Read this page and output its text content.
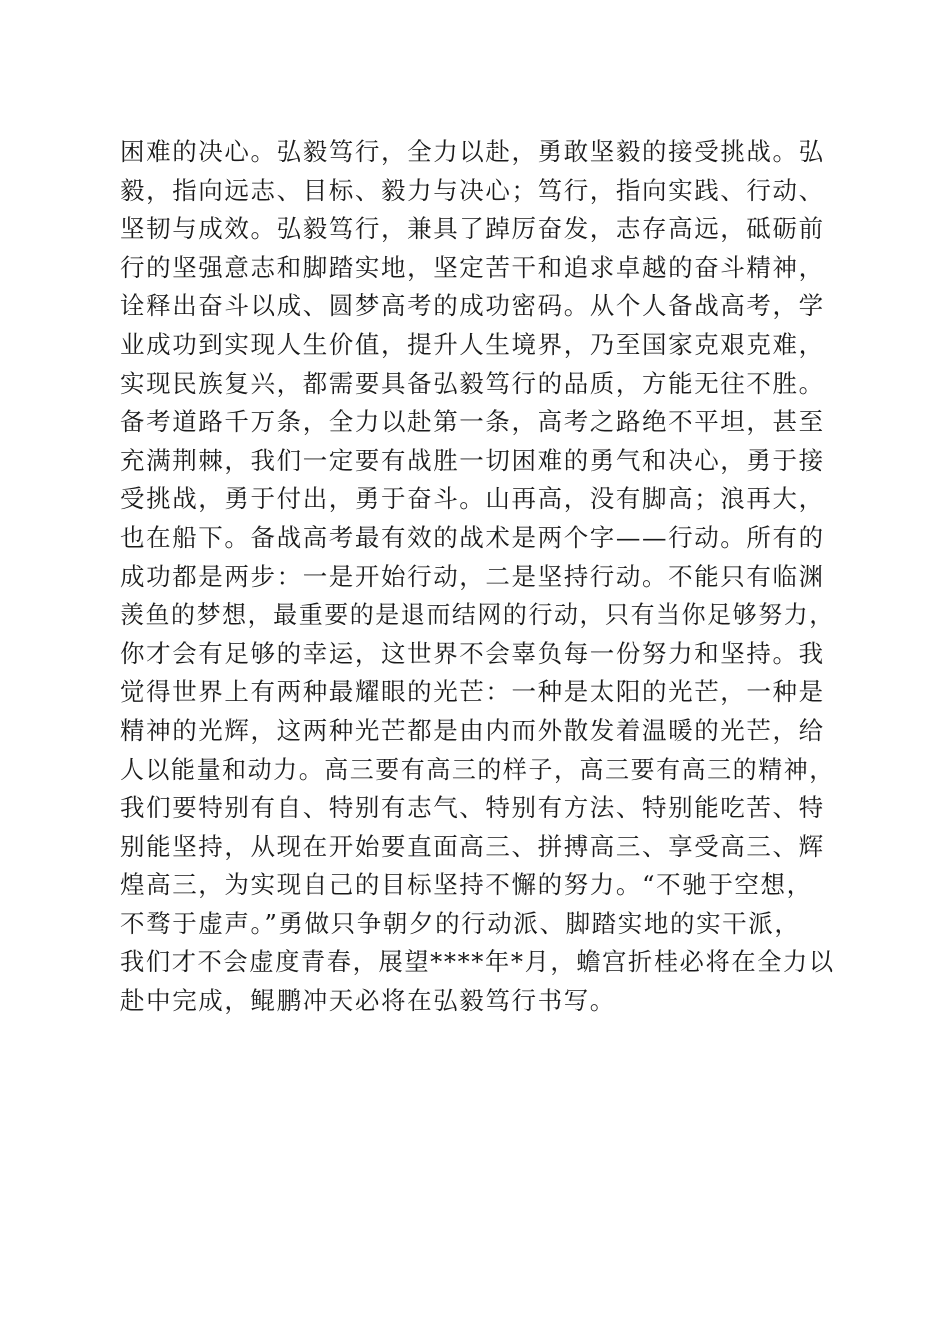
困难的决心。弘毅笃行，全力以赴，勇敢坚毅的接受挑战。弘
毅，指向远志、目标、毅力与决心；笃行，指向实践、行动、
坚韧与成效。弘毅笃行，兼具了踔厉奋发，志存高远，砥砺前
行的坚强意志和脚踏实地，坚定苦干和追求卓越的奋斗精神，
诠释出奋斗以成、圆梦高考的成功密码。从个人备战高考，学
业成功到实现人生价值，提升人生境界，乃至国家克艰克难，
实现民族复兴，都需要具备弘毅笃行的品质，方能无往不胜。
备考道路千万条，全力以赴第一条，高考之路绝不平坦，甚至
充满荆棘，我们一定要有战胜一切困难的勇气和决心，勇于接
受挑战，勇于付出，勇于奋斗。山再高，没有脚高；浪再大，
也在船下。备战高考最有效的战术是两个字——行动。所有的
成功都是两步：一是开始行动，二是坚持行动。不能只有临渊
羡鱼的梦想，最重要的是退而结网的行动，只有当你足够努力，
你才会有足够的幸运，这世界不会辜负每一份努力和坚持。我
觉得世界上有两种最耀眼的光芒：一种是太阳的光芒，一种是
精神的光辉，这两种光芒都是由内而外散发着温暖的光芒，给
人以能量和动力。高三要有高三的样子，高三要有高三的精神，
我们要特别有自、特别有志气、特别有方法、特别能吃苦、特
别能坚持，从现在开始要直面高三、拼搏高三、享受高三、辉
煌高三，为实现自己的目标坚持不懈的努力。“不驰于空想，
不骛于虚声。”勇做只争朝夕的行动派、脚踏实地的实干派，
我们才不会虚度青春，展望****年*月，蟾宫折桂必将在全力以
赴中完成，鲲鹏冲天必将在弘毅笃行书写。
